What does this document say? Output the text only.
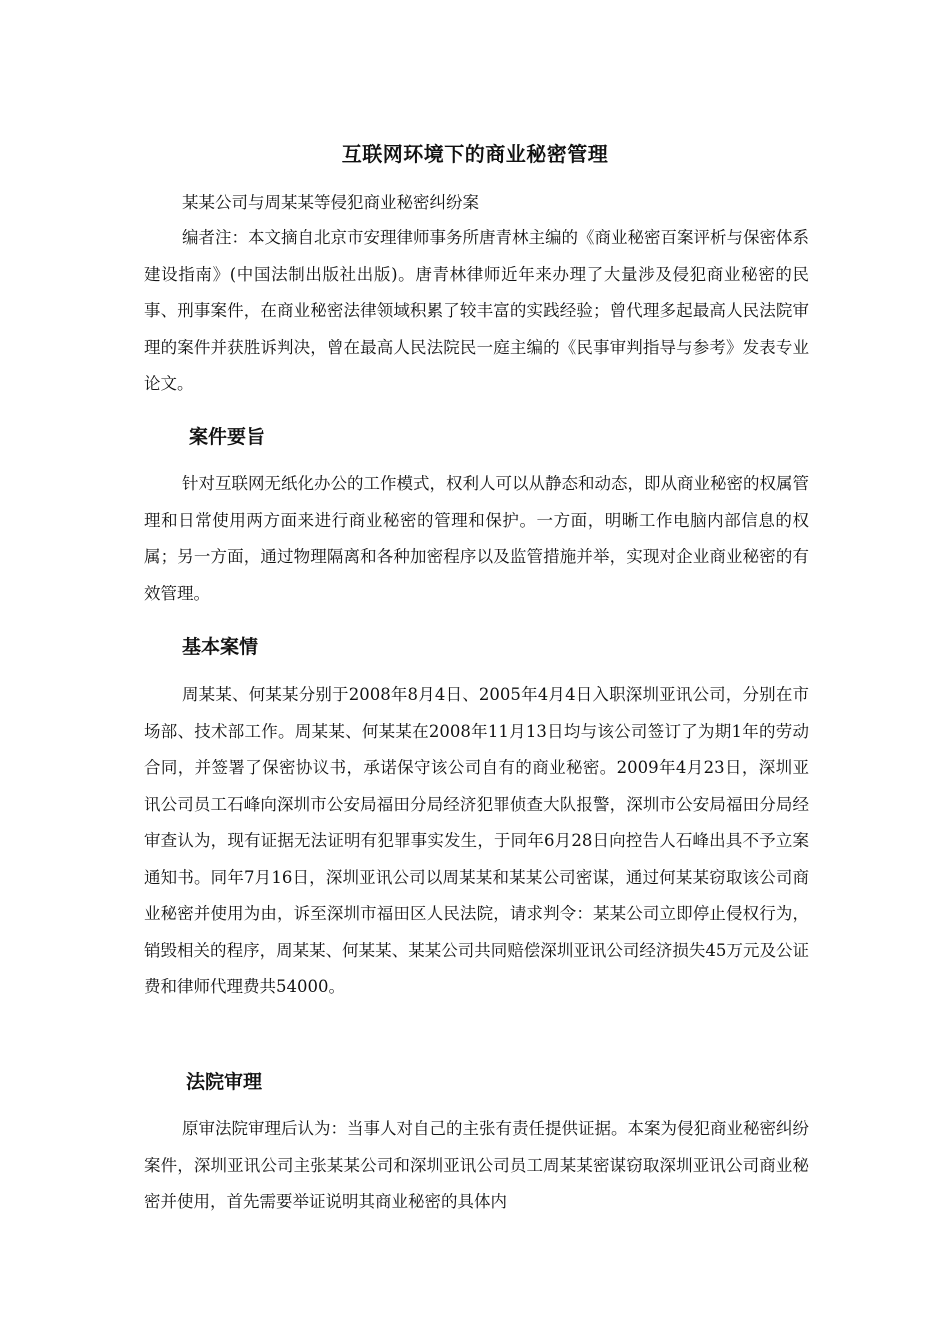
互联网环境下的商业秘密管理

某某公司与周某某等侵犯商业秘密纠纷案

编者注：本文摘自北京市安理律师事务所唐青林主编的《商业秘密百案评析与保密体系建设指南》(中国法制出版社出版)。唐青林律师近年来办理了大量涉及侵犯商业秘密的民事、刑事案件，在商业秘密法律领域积累了较丰富的实践经验；曾代理多起最高人民法院审理的案件并获胜诉判决，曾在最高人民法院民一庭主编的《民事审判指导与参考》发表专业论文。

案件要旨

针对互联网无纸化办公的工作模式，权利人可以从静态和动态，即从商业秘密的权属管理和日常使用两方面来进行商业秘密的管理和保护。一方面，明晰工作电脑内部信息的权属；另一方面，通过物理隔离和各种加密程序以及监管措施并举，实现对企业商业秘密的有效管理。

基本案情

周某某、何某某分别于2008年8月4日、2005年4月4日入职深圳亚讯公司，分别在市场部、技术部工作。周某某、何某某在2008年11月13日均与该公司签订了为期1年的劳动合同，并签署了保密协议书，承诺保守该公司自有的商业秘密。2009年4月23日，深圳亚讯公司员工石峰向深圳市公安局福田分局经济犯罪侦查大队报警，深圳市公安局福田分局经审查认为，现有证据无法证明有犯罪事实发生，于同年6月28日向控告人石峰出具不予立案通知书。同年7月16日，深圳亚讯公司以周某某和某某公司密谋，通过何某某窃取该公司商业秘密并使用为由，诉至深圳市福田区人民法院，请求判令：某某公司立即停止侵权行为，销毁相关的程序，周某某、何某某、某某公司共同赔偿深圳亚讯公司经济损失45万元及公证费和律师代理费共54000。

法院审理

原审法院审理后认为：当事人对自己的主张有责任提供证据。本案为侵犯商业秘密纠纷案件，深圳亚讯公司主张某某公司和深圳亚讯公司员工周某某密谋窃取深圳亚讯公司商业秘密并使用，首先需要举证说明其商业秘密的具体内
